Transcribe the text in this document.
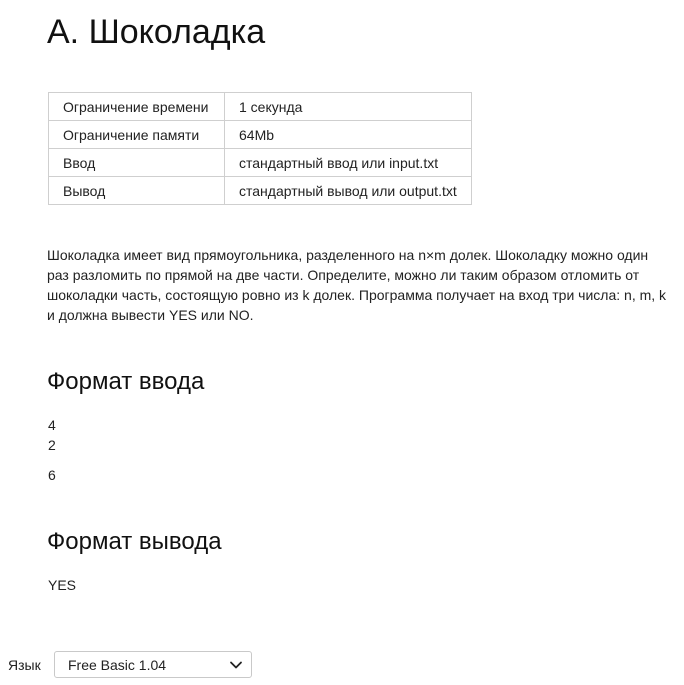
A. Шоколадка
Ограничение времени	1 секунда
Ограничение памяти	64Mb
Ввод	стандартный ввод или input.txt
Вывод	стандартный вывод или output.txt

Шоколадка имеет вид прямоугольника, разделенного на n×m долек. Шоколадку можно один раз разломить по прямой на две части. Определите, можно ли таким образом отломить от шоколадки часть, состоящую ровно из k долек. Программа получает на вход три числа: n, m, k и должна вывести YES или NO.

Формат ввода
4
2
6
Формат вывода
YES
Язык Free Basic 1.04
